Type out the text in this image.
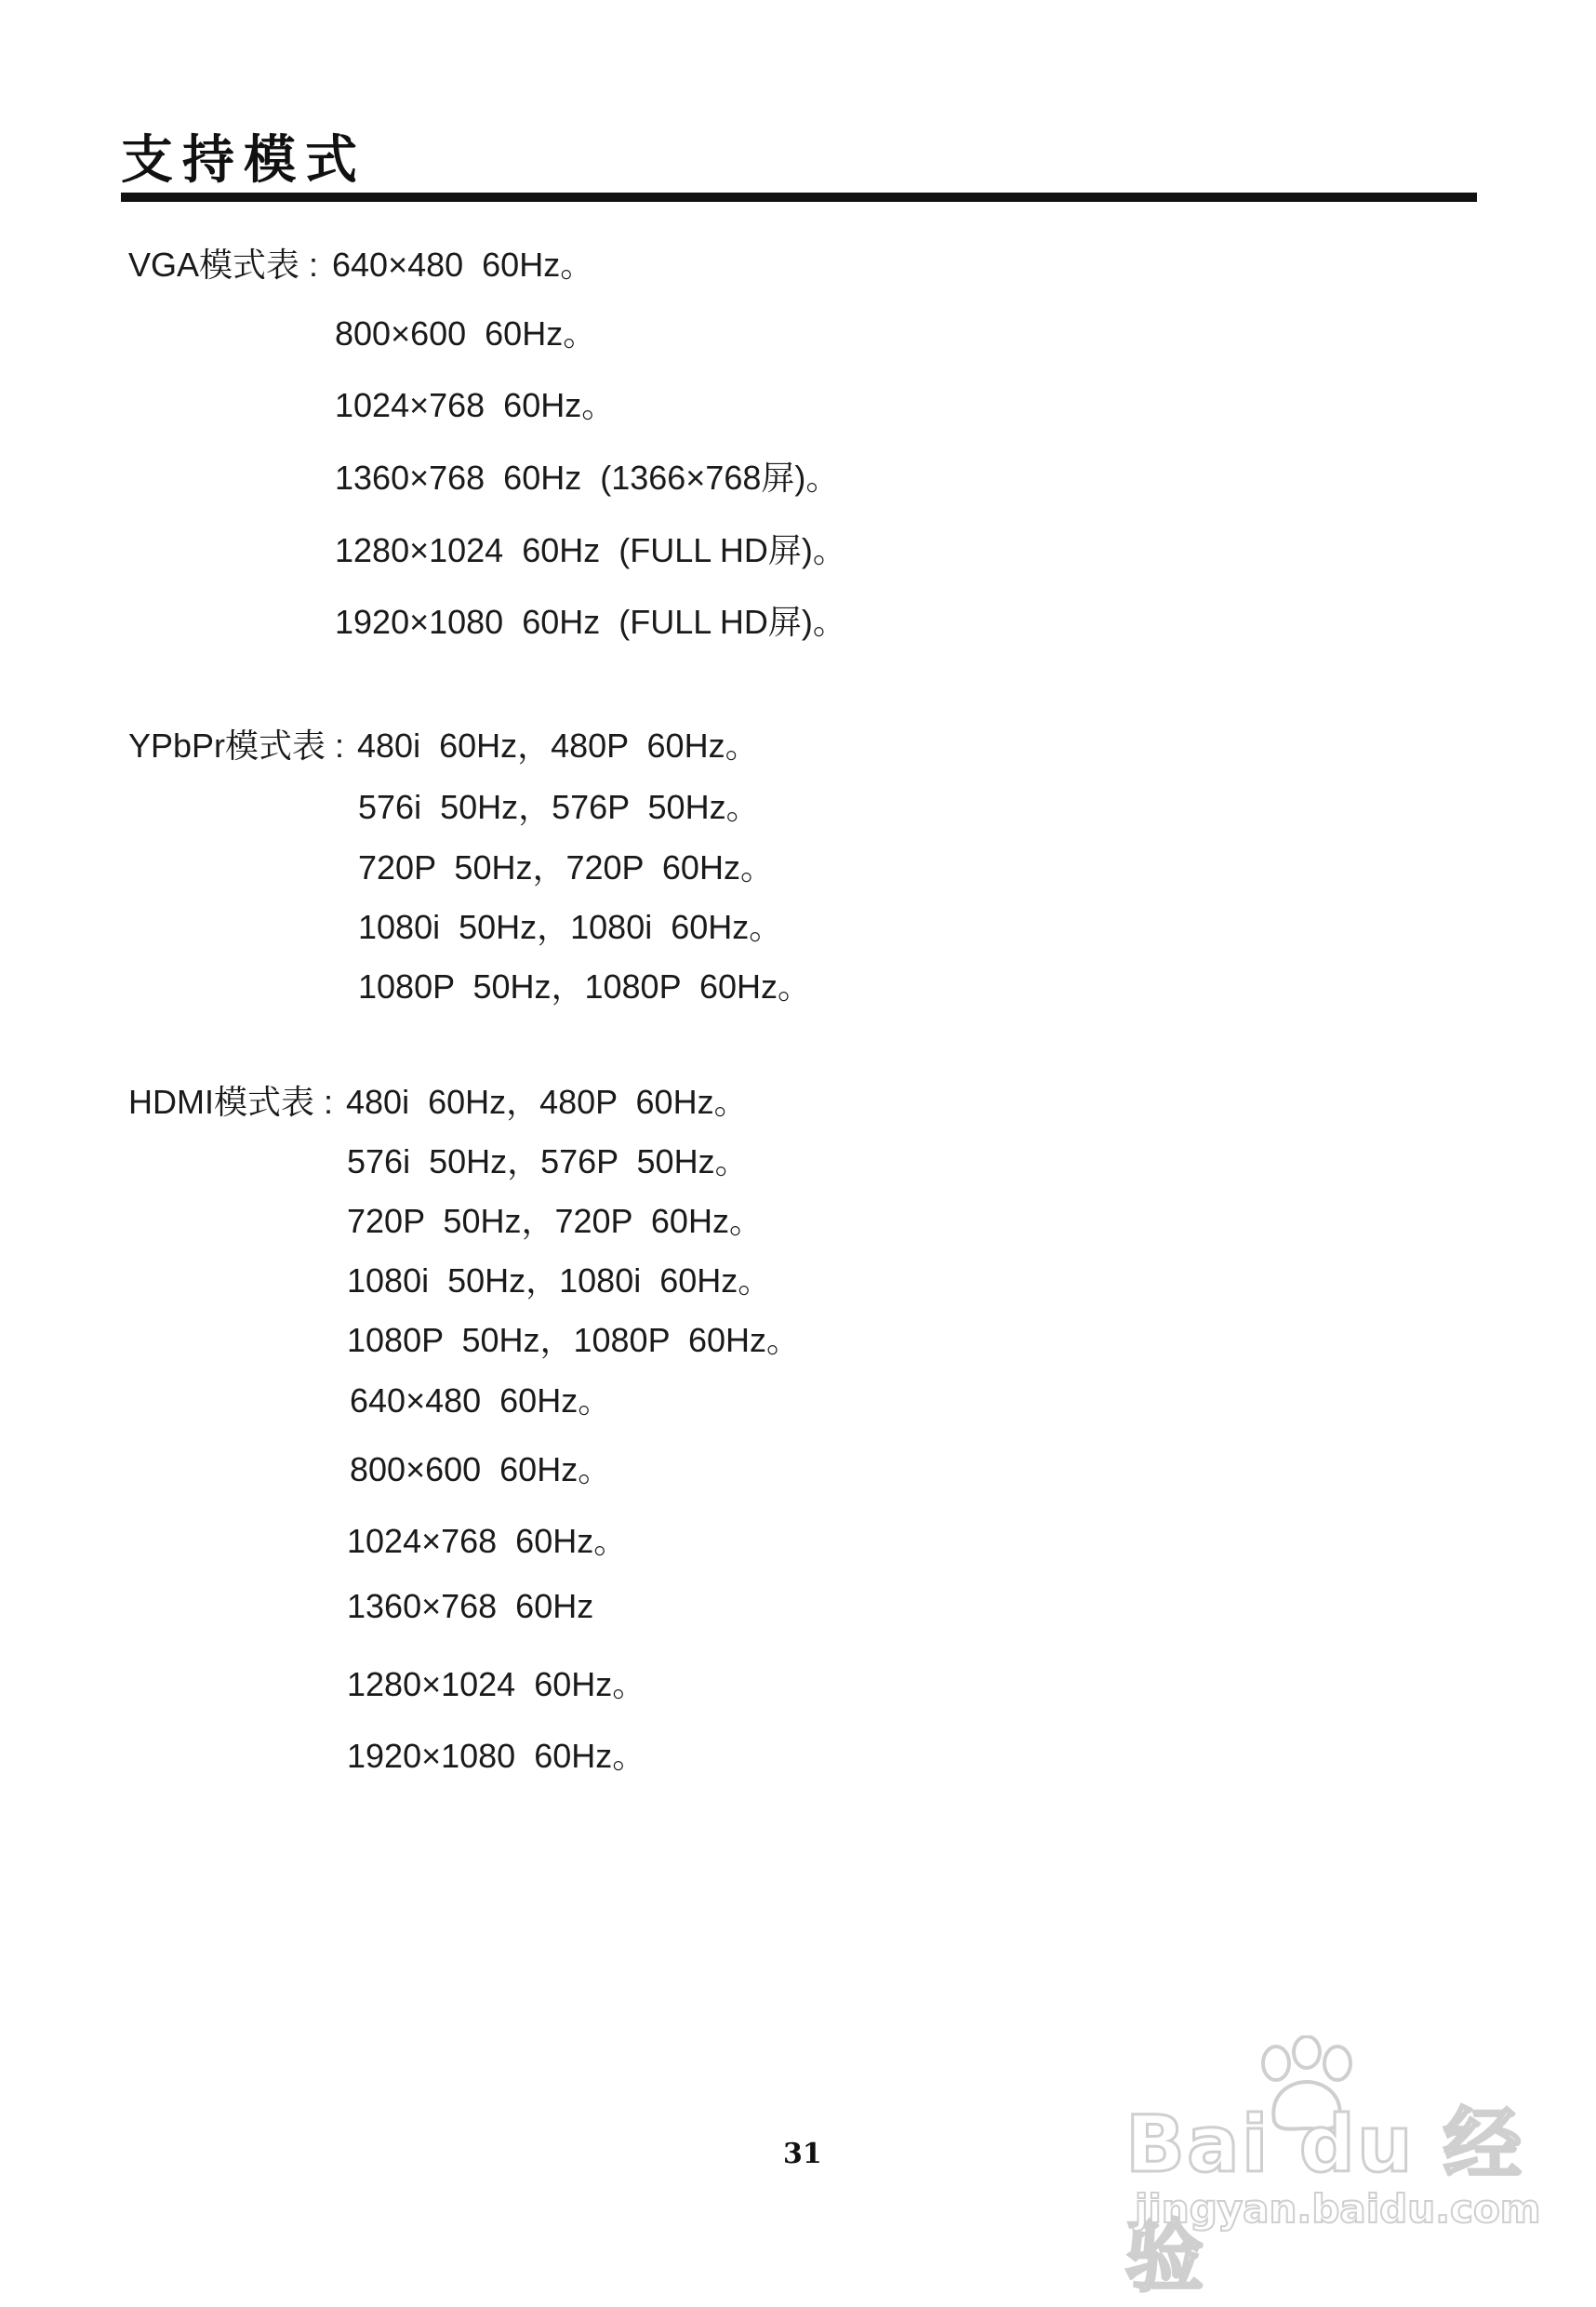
支持模式
VGA模式表 : 640×480  60Hz。
800×600  60Hz。
1024×768  60Hz。
1360×768  60Hz  (1366×768屏)。
1280×1024  60Hz  (FULL HD屏)。
1920×1080  60Hz  (FULL HD屏)。
YPbPr模式表 : 480i  60Hz，480P  60Hz。
576i  50Hz，576P  50Hz。
720P  50Hz，720P  60Hz。
1080i  50Hz，1080i  60Hz。
1080P  50Hz，1080P  60Hz。
HDMI模式表 : 480i  60Hz，480P  60Hz。
576i  50Hz，576P  50Hz。
720P  50Hz，720P  60Hz。
1080i  50Hz，1080i  60Hz。
1080P  50Hz，1080P  60Hz。
640×480  60Hz。
800×600  60Hz。
1024×768  60Hz。
1360×768  60Hz
1280×1024  60Hz。
1920×1080  60Hz。
31	Bai du 经验
jingyan.baidu.com
